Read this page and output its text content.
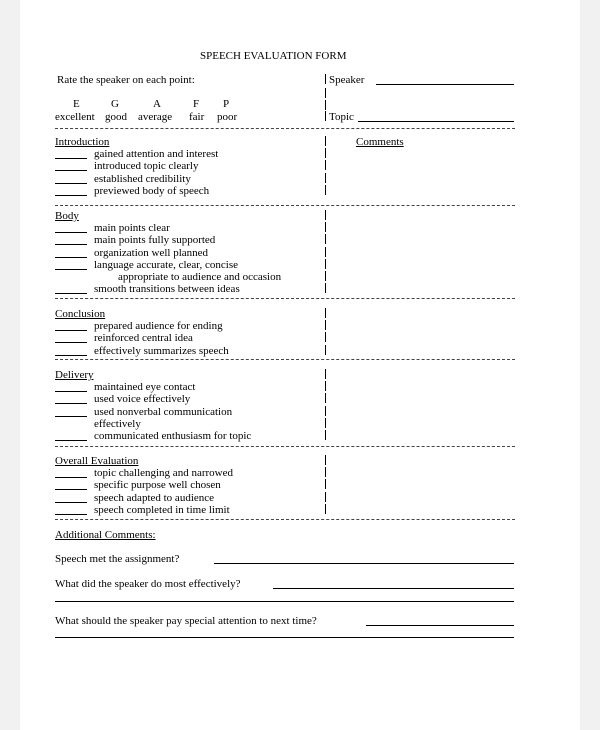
SPEECH EVALUATION FORM
Rate the speaker on each point:
E	G	A	F P
excellent good average fair poor
Speaker
Topic
Comments
Introduction
gained attention and interest
introduced topic clearly
established credibility
previewed body of speech
Body
main points clear
main points fully supported
organization well planned
language accurate, clear, concise
appropriate to audience and occasion
smooth transitions between ideas
Conclusion
prepared audience for ending
reinforced central idea
effectively summarizes speech
Delivery
maintained eye contact
used voice effectively
used nonverbal communication
effectively
communicated enthusiasm for topic
Overall Evaluation
topic challenging and narrowed
specific purpose well chosen
speech adapted to audience
speech completed in time limit
Additional Comments:
Speech met the assignment?
What did the speaker do most effectively?
What should the speaker pay special attention to next time?
